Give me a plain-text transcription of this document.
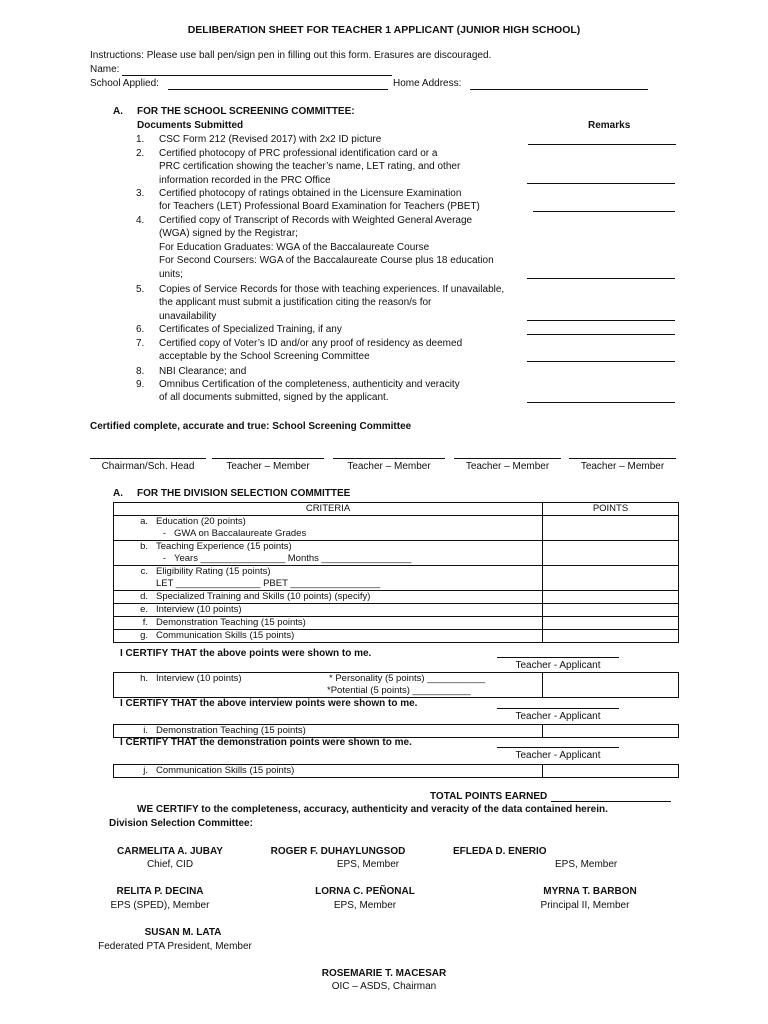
DELIBERATION SHEET FOR TEACHER 1 APPLICANT (JUNIOR HIGH SCHOOL)
Instructions: Please use ball pen/sign pen in filling out this form. Erasures are discouraged.
Name:
School Applied:	Home Address:
A. FOR THE SCHOOL SCREENING COMMITTEE:
Documents Submitted	Remarks
1. CSC Form 212 (Revised 2017) with 2x2 ID picture
2. Certified photocopy of PRC professional identification card or a
PRC certification showing the teacher’s name, LET rating, and other
information recorded in the PRC Office
3. Certified photocopy of ratings obtained in the Licensure Examination
for Teachers (LET) Professional Board Examination for Teachers (PBET)
4. Certified copy of Transcript of Records with Weighted General Average
(WGA) signed by the Registrar;
For Education Graduates: WGA of the Baccalaureate Course
For Second Coursers: WGA of the Baccalaureate Course plus 18 education
units;
5. Copies of Service Records for those with teaching experiences. If unavailable,
the applicant must submit a justification citing the reason/s for
unavailability
6. Certificates of Specialized Training, if any
7. Certified copy of Voter’s ID and/or any proof of residency as deemed
acceptable by the School Screening Committee
8. NBI Clearance; and
9. Omnibus Certification of the completeness, authenticity and veracity
of all documents submitted, signed by the applicant.
Certified complete, accurate and true: School Screening Committee
Chairman/Sch. Head	Teacher – Member	Teacher – Member	Teacher – Member	Teacher – Member
A. FOR THE DIVISION SELECTION COMMITTEE
CRITERIA	POINTS

a. Education (20 points)
- GWA on Baccalaureate Grades	

b. Teaching Experience (15 points)
- Years ________________ Months _________________	

c. Eligibility Rating (15 points)
LET ________________ PBET _________________	

d. Specialized Training and Skills (10 points) (specify)	
e. Interview (10 points)	
f. Demonstration Teaching (15 points)	
g. Communication Skills (15 points)	
I CERTIFY THAT the above points were shown to me.
Teacher - Applicant
h. Interview (10 points)	* Personality (5 points) ___________
*Potential (5 points) ___________

I CERTIFY THAT the above interview points were shown to me.
Teacher - Applicant
i. Demonstration Teaching (15 points)	
I CERTIFY THAT the demonstration points were shown to me.
Teacher - Applicant
j. Communication Skills (15 points)	
TOTAL POINTS EARNED
WE CERTIFY to the completeness, accuracy, authenticity and veracity of the data contained herein.
Division Selection Committee:
CARMELITA A. JUBAY
Chief, CID
ROGER F. DUHAYLUNGSOD
EPS, Member
EFLEDA D. ENERIO
EPS, Member
RELITA P. DECINA
EPS (SPED), Member
LORNA C. PEÑONAL
EPS, Member
MYRNA T. BARBON
Principal II, Member
SUSAN M. LATA
Federated PTA President, Member
ROSEMARIE T. MACESAR
OIC – ASDS, Chairman
